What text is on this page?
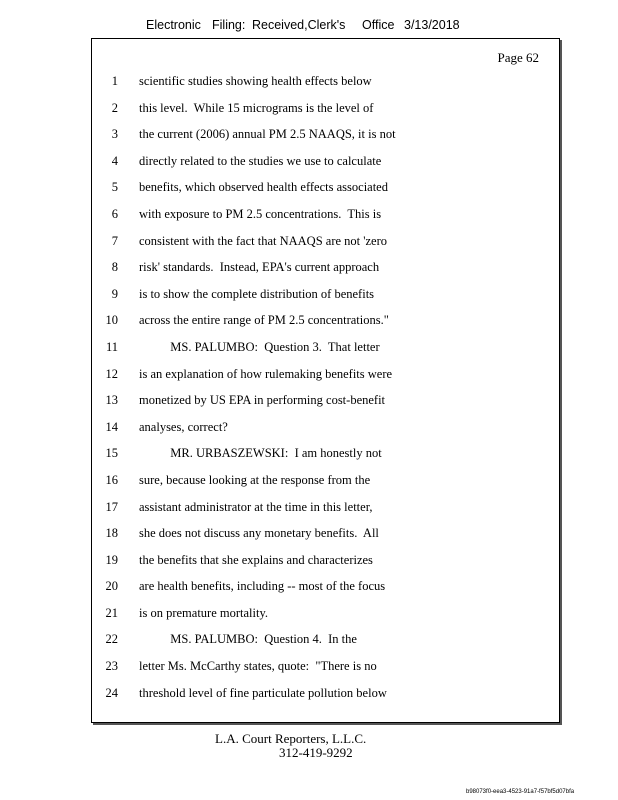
Electronic Filing: Received,Clerk's Office 3/13/2018
Page 62
1 scientific studies showing health effects below
2 this level.  While 15 micrograms is the level of
3 the current (2006) annual PM 2.5 NAAQS, it is not
4 directly related to the studies we use to calculate
5 benefits, which observed health effects associated
6 with exposure to PM 2.5 concentrations.  This is
7 consistent with the fact that NAAQS are not 'zero
8 risk' standards.  Instead, EPA's current approach
9 is to show the complete distribution of benefits
10 across the entire range of PM 2.5 concentrations."
11 MS. PALUMBO:  Question 3.  That letter
12 is an explanation of how rulemaking benefits were
13 monetized by US EPA in performing cost-benefit
14 analyses, correct?
15 MR. URBASZEWSKI:  I am honestly not
16 sure, because looking at the response from the
17 assistant administrator at the time in this letter,
18 she does not discuss any monetary benefits.  All
19 the benefits that she explains and characterizes
20 are health benefits, including -- most of the focus
21 is on premature mortality.
22 MS. PALUMBO:  Question 4.  In the
23 letter Ms. McCarthy states, quote:  "There is no
24 threshold level of fine particulate pollution below
L.A. Court Reporters, L.L.C.
312-419-9292
b98073f0-eea3-4523-91a7-f57bf5d07bfa
